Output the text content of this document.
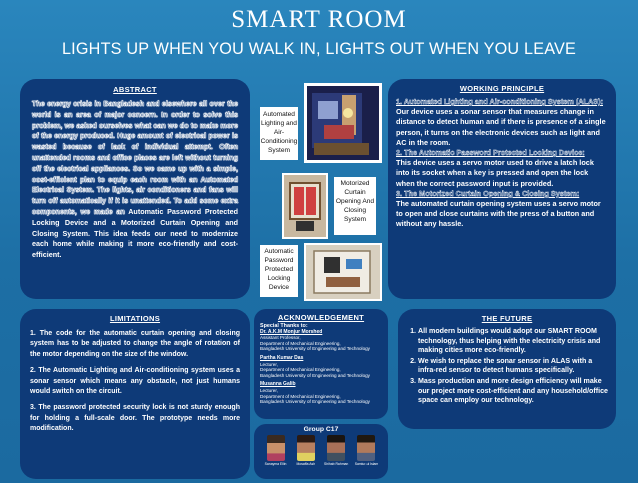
SMART ROOM
LIGHTS UP WHEN YOU WALK IN, LIGHTS OUT WHEN YOU LEAVE
ABSTRACT
The energy crisis in Bangladesh and elsewhere all over the world is an area of major concern. In order to solve this problem, we asked ourselves what can we do to make more of the energy produced. Huge amount of electrical power is wasted because of lack of individual attempt. Often unattended rooms and office places are left without turning off the electrical appliances. So we came up with a simple, cost-efficient plan to equip each room with an Automated Electrical System. The lights, air conditioners and fans will turn off automatically if it is unattended. To add some extra components, we made an Automatic Password Protected Locking Device and a Motorized Curtain Opening and Closing System. This idea feeds our need to modernize each home while making it more eco-friendly and cost-efficient.
Automated Lighting and Air-Conditioning System
Motorized Curtain Opening And Closing System
Automatic Password Protected Locking Device
WORKING PRINCIPLE
1. Automated Lighting and Air-conditioning System (ALAS):
Our device uses a sonar sensor that measures change in distance to detect human and if there is presence of a single person, it turns on the electronic devices such as light and AC in the room.
2. The Automatic Password Protected Locking Device:
This device uses a servo motor used to drive a latch lock into its socket when a key is pressed and open the lock when the correct password input is provided.
3. The Motorized Curtain Opening & Closing System:
The automated curtain opening system uses a servo motor to open and close curtains with the press of a button and without any hassle.
LIMITATIONS

1. The code for the automatic curtain opening and closing system has to be adjusted to change the angle of rotation of the motor depending on the size of the window.

2. The Automatic Lighting and Air-conditioning system uses a sonar sensor which means any obstacle, not just humans would switch on the circuit.

3. The password protected security lock is not sturdy enough for holding a full-scale door. The prototype needs more modification.

ACKNOWLEDGEMENT
Special Thanks to:
Dr. A.K.M Monjur Morshed
Assistant Professor,
Department of Mechanical Engineering,
Bangladesh University of Engineering and Technology
Partha Kumar Das
Lecturer,
Department of Mechanical Engineering,
Bangladesh University of Engineering and Technology
Musanna Galib
Lecturer,
Department of Mechanical Engineering,
Bangladesh University of Engineering and Technology
Group C17
Sanayma Ellin	Mosaffa Ash	Shihab Rahman	Samiur-ul Islam
THE FUTURE
1. All modern buildings would adopt our SMART ROOM technology, thus helping with the electricity crisis and making cities more eco-friendly.
2. We wish to replace the sonar sensor in ALAS with a infra-red sensor to detect humans specifically.
3. Mass production and more design efficiency will make our project more cost-efficient and any household/office space can employ our technology.
